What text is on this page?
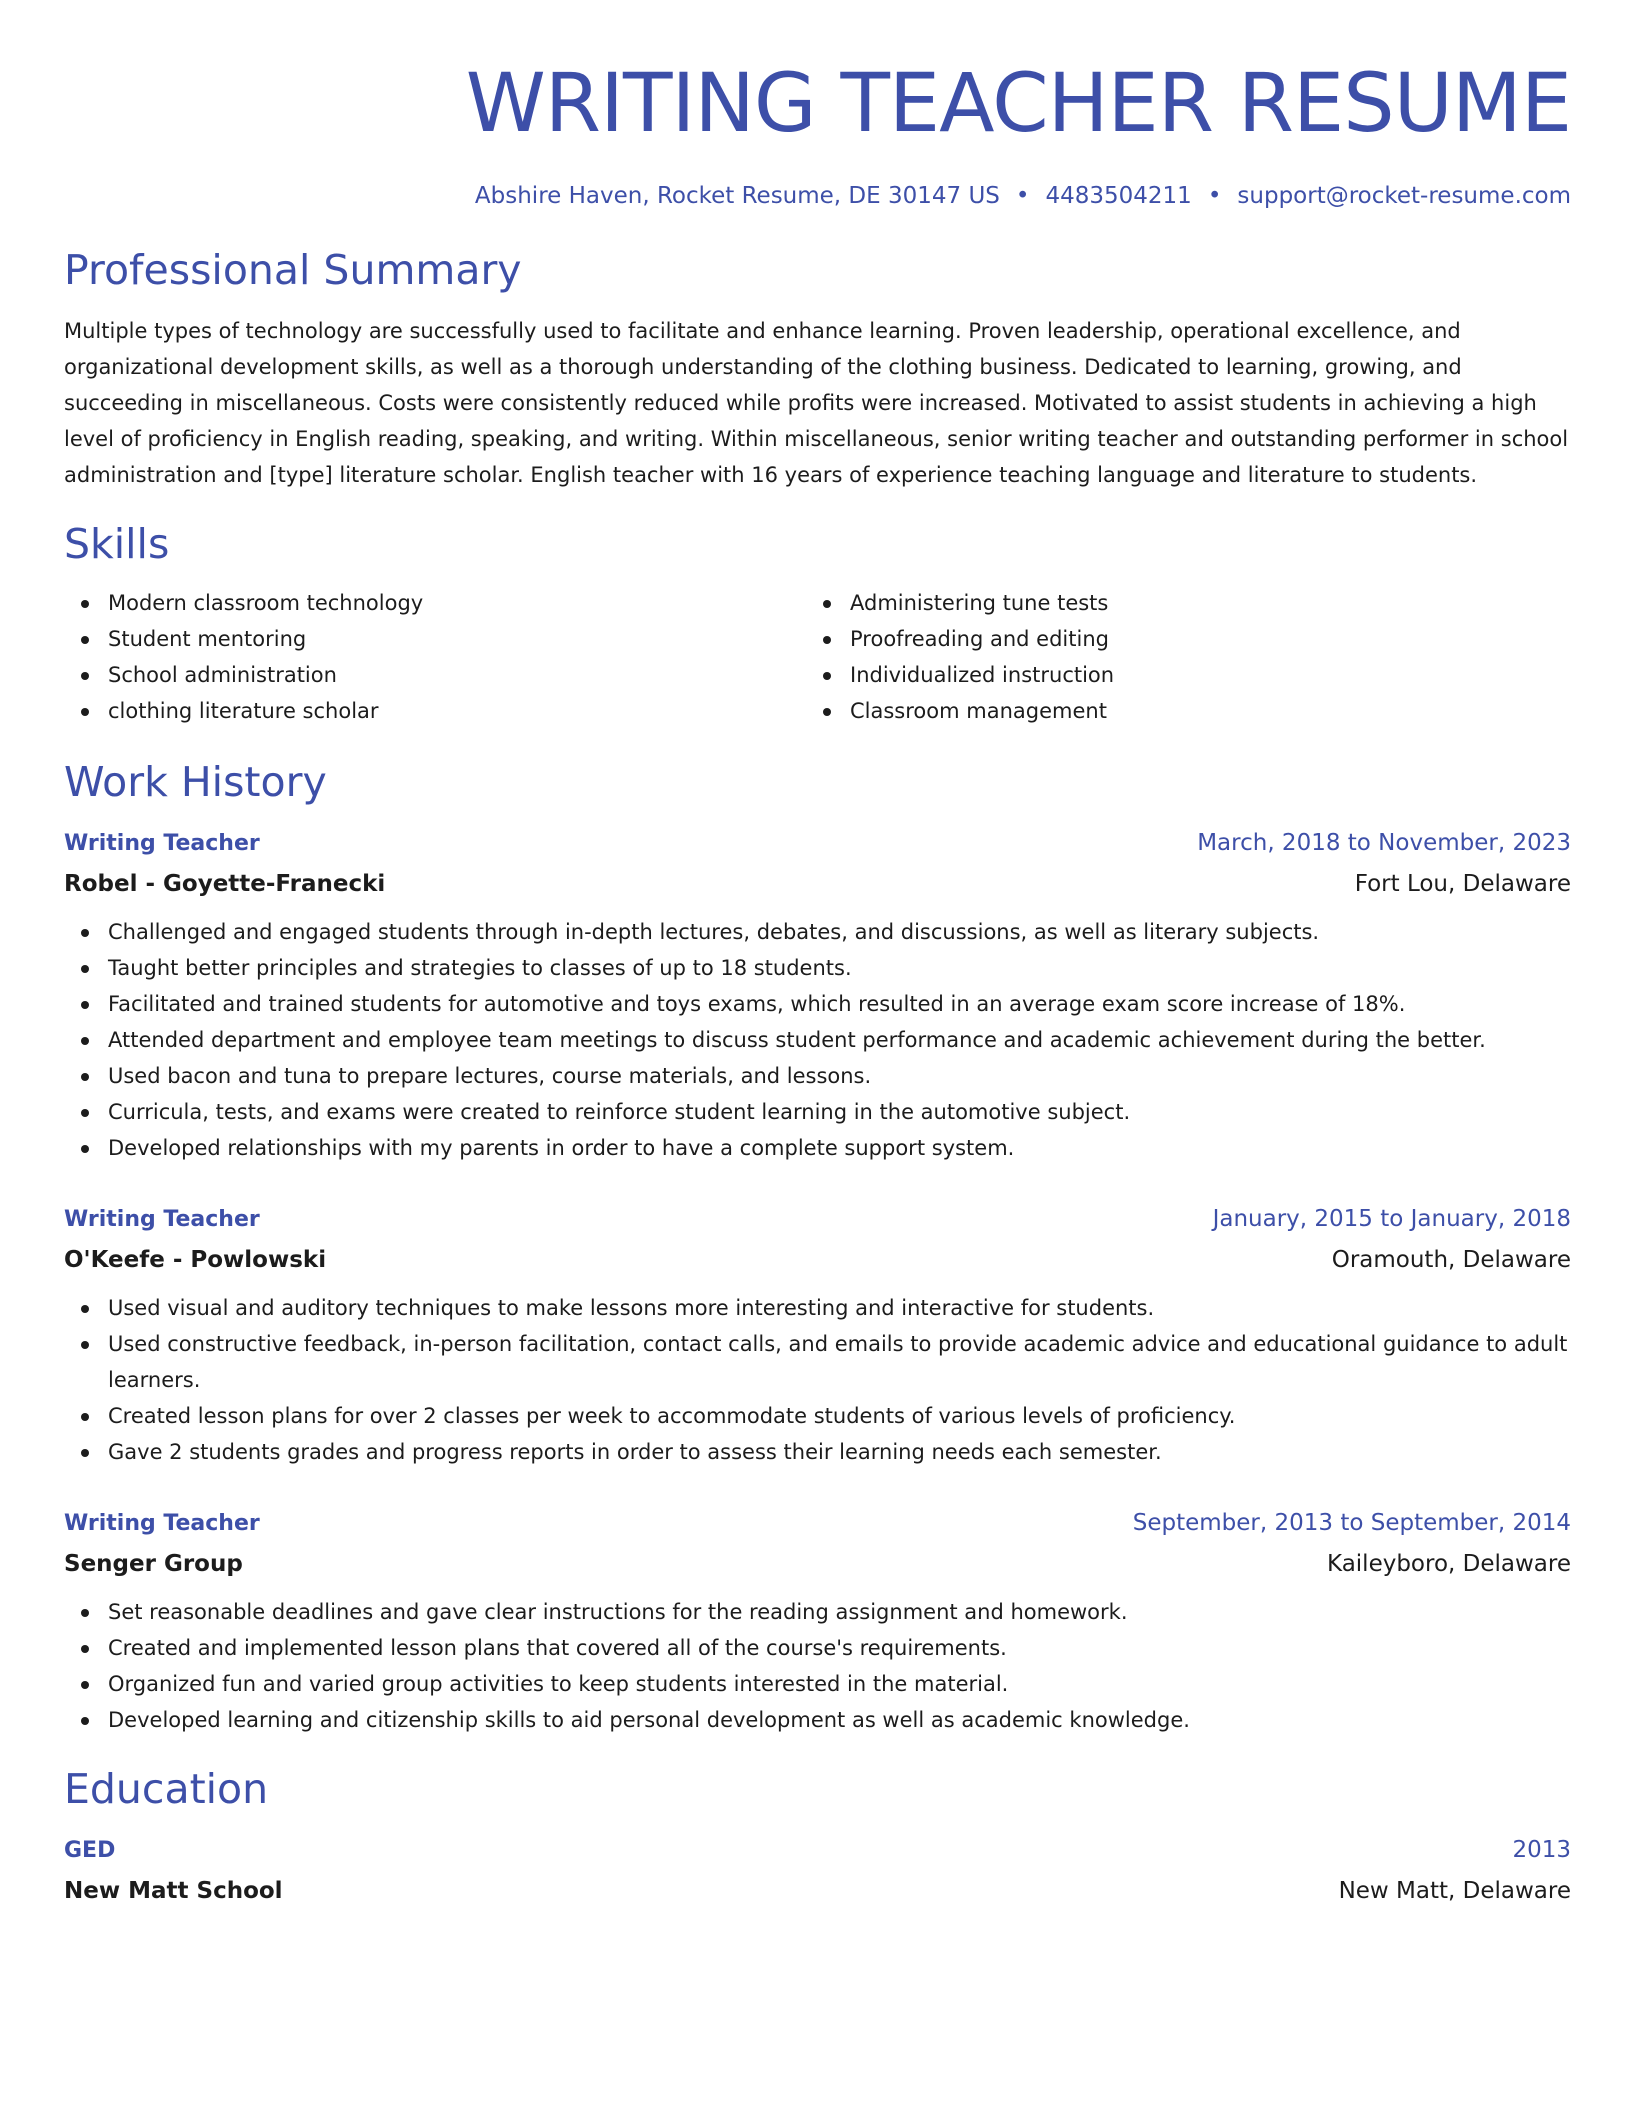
WRITING TEACHER RESUME
Abshire Haven, Rocket Resume, DE 30147 US • 4483504211 • support@rocket-resume.com
Professional Summary
Multiple types of technology are successfully used to facilitate and enhance learning. Proven leadership, operational excellence, and organizational development skills, as well as a thorough understanding of the clothing business. Dedicated to learning, growing, and succeeding in miscellaneous. Costs were consistently reduced while profits were increased. Motivated to assist students in achieving a high level of proficiency in English reading, speaking, and writing. Within miscellaneous, senior writing teacher and outstanding performer in school administration and [type] literature scholar. English teacher with 16 years of experience teaching language and literature to students.
Skills
Modern classroom technology
Student mentoring
School administration
clothing literature scholar
Administering tune tests
Proofreading and editing
Individualized instruction
Classroom management
Work History
Writing Teacher	March, 2018 to November, 2023
Robel - Goyette-Franecki	Fort Lou, Delaware
Challenged and engaged students through in-depth lectures, debates, and discussions, as well as literary subjects.
Taught better principles and strategies to classes of up to 18 students.
Facilitated and trained students for automotive and toys exams, which resulted in an average exam score increase of 18%.
Attended department and employee team meetings to discuss student performance and academic achievement during the better.
Used bacon and tuna to prepare lectures, course materials, and lessons.
Curricula, tests, and exams were created to reinforce student learning in the automotive subject.
Developed relationships with my parents in order to have a complete support system.
Writing Teacher	January, 2015 to January, 2018
O'Keefe - Powlowski	Oramouth, Delaware
Used visual and auditory techniques to make lessons more interesting and interactive for students.
Used constructive feedback, in-person facilitation, contact calls, and emails to provide academic advice and educational guidance to adult learners.
Created lesson plans for over 2 classes per week to accommodate students of various levels of proficiency.
Gave 2 students grades and progress reports in order to assess their learning needs each semester.
Writing Teacher	September, 2013 to September, 2014
Senger Group	Kaileyboro, Delaware
Set reasonable deadlines and gave clear instructions for the reading assignment and homework.
Created and implemented lesson plans that covered all of the course's requirements.
Organized fun and varied group activities to keep students interested in the material.
Developed learning and citizenship skills to aid personal development as well as academic knowledge.
Education
GED	2013
New Matt School	New Matt, Delaware
